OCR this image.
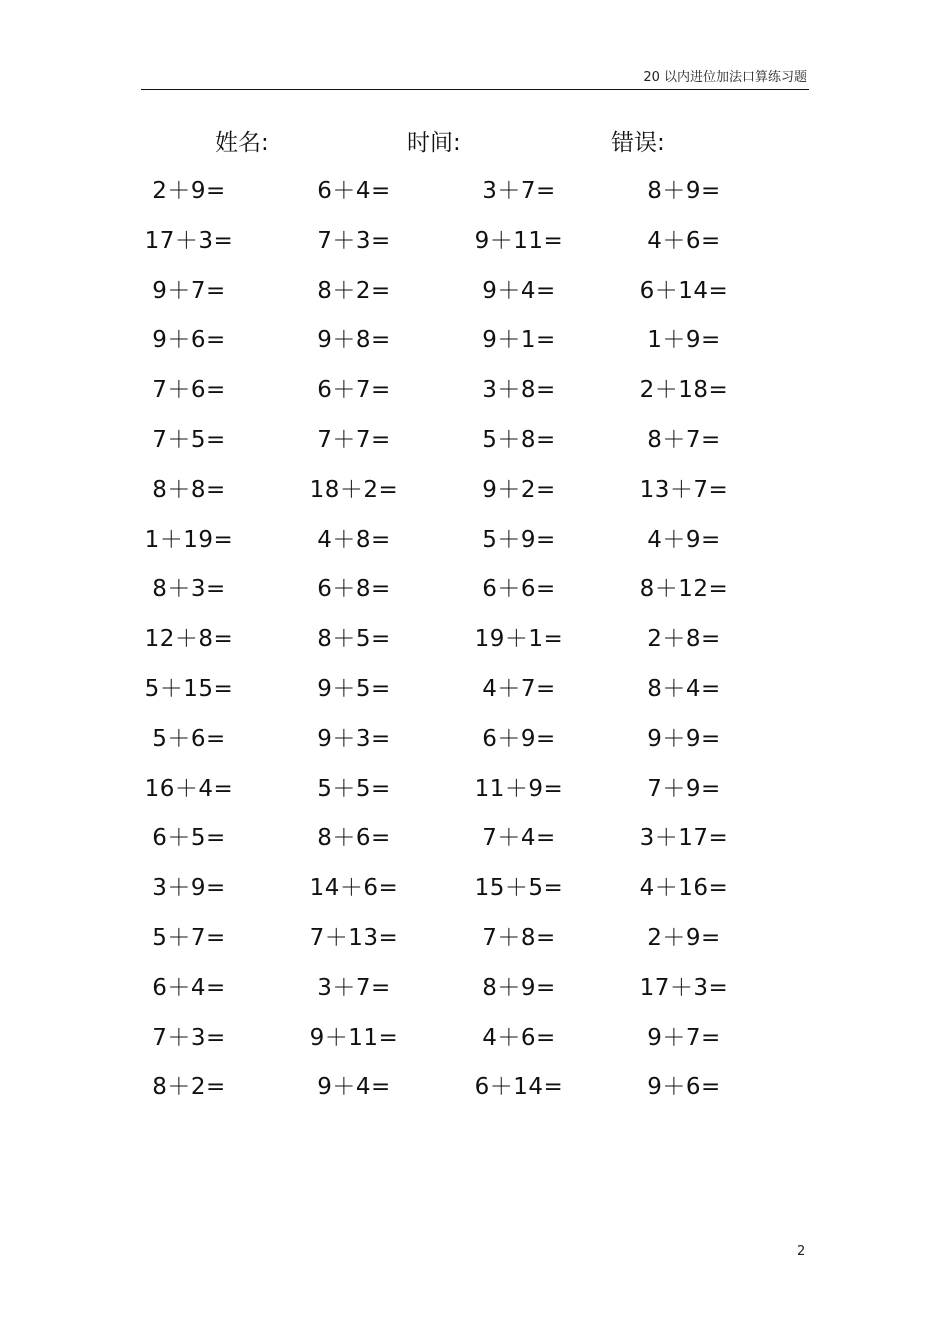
20 以内进位加法口算练习题
姓名:	时间:	错误:
2＋9=	6＋4=	3＋7=	8＋9=
17＋3=	7＋3=	9＋11=	4＋6=
9＋7=	8＋2=	9＋4=	6＋14=
9＋6=	9＋8=	9＋1=	1＋9=
7＋6=	6＋7=	3＋8=	2＋18=
7＋5=	7＋7=	5＋8=	8＋7=
8＋8=	18＋2=	9＋2=	13＋7=
1＋19=	4＋8=	5＋9=	4＋9=
8＋3=	6＋8=	6＋6=	8＋12=
12＋8=	8＋5=	19＋1=	2＋8=
5＋15=	9＋5=	4＋7=	8＋4=
5＋6=	9＋3=	6＋9=	9＋9=
16＋4=	5＋5=	11＋9=	7＋9=
6＋5=	8＋6=	7＋4=	3＋17=
3＋9=	14＋6=	15＋5=	4＋16=
5＋7=	7＋13=	7＋8=	2＋9=
6＋4=	3＋7=	8＋9=	17＋3=
7＋3=	9＋11=	4＋6=	9＋7=
8＋2=	9＋4=	6＋14=	9＋6=
2
